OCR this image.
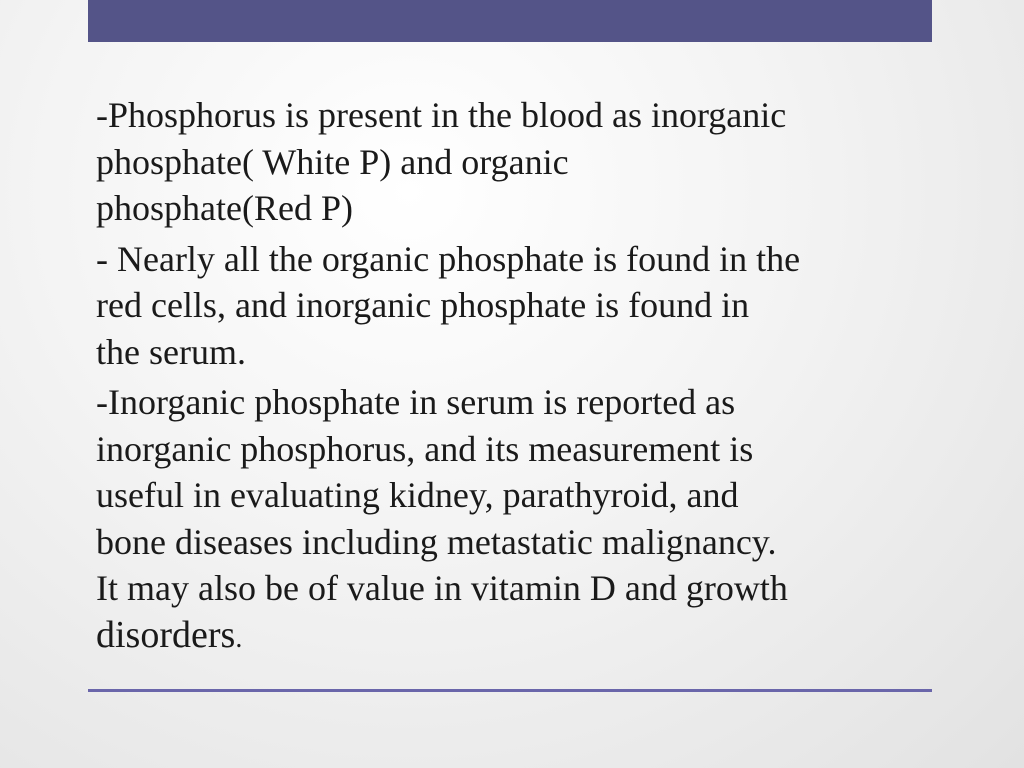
-Phosphorus is present in the blood as inorganic
phosphate( White P) and organic
phosphate(Red P)

- Nearly all the organic phosphate is found in the
red cells, and inorganic phosphate is found in
the serum.

-Inorganic phosphate in serum is reported as
inorganic phosphorus, and its measurement is
useful in evaluating kidney, parathyroid, and
bone diseases including metastatic malignancy.
It may also be of value in vitamin D and growth
disorders.
